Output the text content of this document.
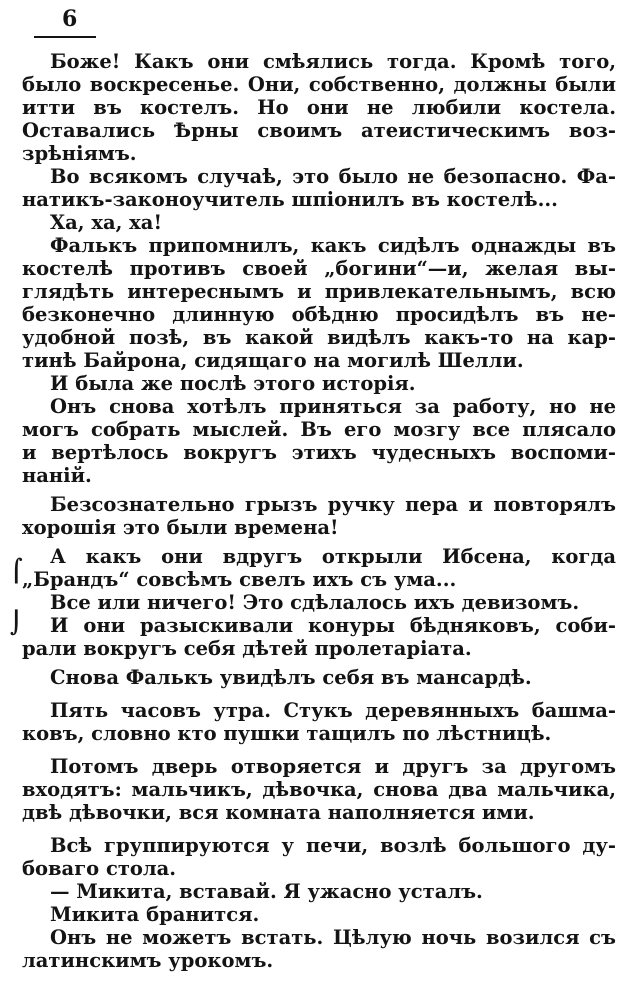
6
⌠
⌡

Боже! Какъ они смѣялись тогда. Кромѣ того,
было воскресенье. Они, собственно, должны были
итти въ костелъ. Но они не любили костела.
Оставались Ѣрны своимъ атеистическимъ воз-
зрѣніямъ.

Во всякомъ случаѣ, это было не безопасно. Фа-
натикъ-законоучитель шпіонилъ въ костелѣ...

Ха, ха, ха!

Фалькъ припомнилъ, какъ сидѣлъ однажды въ
костелѣ противъ своей „богини“—и, желая вы-
глядѣть интереснымъ и привлекательнымъ, всю
безконечно длинную обѣдню просидѣлъ въ не-
удобной позѣ, въ какой видѣлъ какъ-то на кар-
тинѣ Байрона, сидящаго на могилѣ Шелли.

И была же послѣ этого исторія.

Онъ снова хотѣлъ приняться за работу, но не
могъ собрать мыслей. Въ его мозгу все плясало
и вертѣлось вокругъ этихъ чудесныхъ воспоми-
наній.

Безсознательно грызъ ручку пера и повторялъ
хорошія это были времена!

А какъ они вдругъ открыли Ибсена, когда
„Брандъ“ совсѣмъ свелъ ихъ съ ума...

Все или ничего! Это сдѣлалось ихъ девизомъ.

И они разыскивали конуры бѣдняковъ, соби-
рали вокругъ себя дѣтей пролетаріата.

Снова Фалькъ увидѣлъ себя въ мансардѣ.

Пять часовъ утра. Стукъ деревянныхъ башма-
ковъ, словно кто пушки тащилъ по лѣстницѣ.

Потомъ дверь отворяется и другъ за другомъ
входятъ: мальчикъ, дѣвочка, снова два мальчика,
двѣ дѣвочки, вся комната наполняется ими.

Всѣ группируются у печи, возлѣ большого ду-
боваго стола.

— Микита, вставай. Я ужасно усталъ.

Микита бранится.

Онъ не можетъ встать. Цѣлую ночь возился съ
латинскимъ урокомъ.
